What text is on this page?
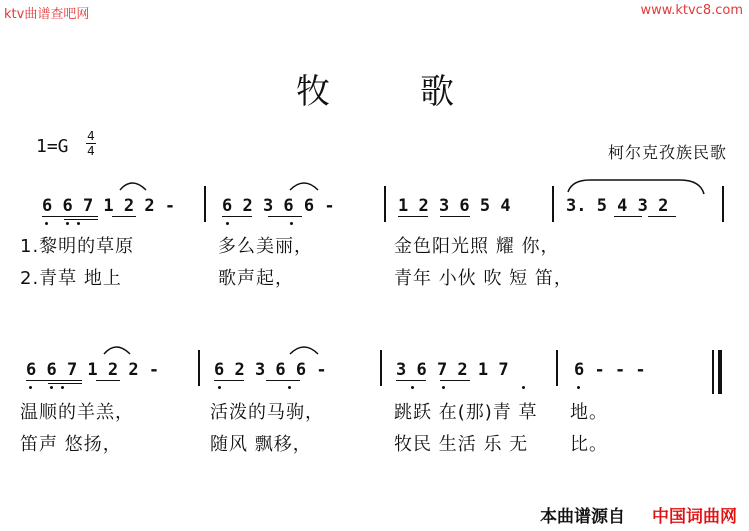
ktv曲谱查吧网	www.ktvc8.com
牧	歌
1=G 4
4	柯尔克孜族民歌
6 6 7 1 2 2 -	6 2 3 6 6 -	1 2 3 6 5 4	3. 5 4 3 2
1.黎明的草原	多么美丽，	金色阳光照 耀 你，
2.青草 地上	歌声起，	青年 小伙 吹 短 笛，
6 6 7 1 2 2 -	6 2 3 6 6 -	3 6 7 2 1 7	6 - - -
温顺的羊羔，	活泼的马驹，	跳跃 在(那)青 草 地。
笛声 悠扬，	随风 飘移，	牧民 生活 乐 无 比。
本曲谱源自 中国词曲网
